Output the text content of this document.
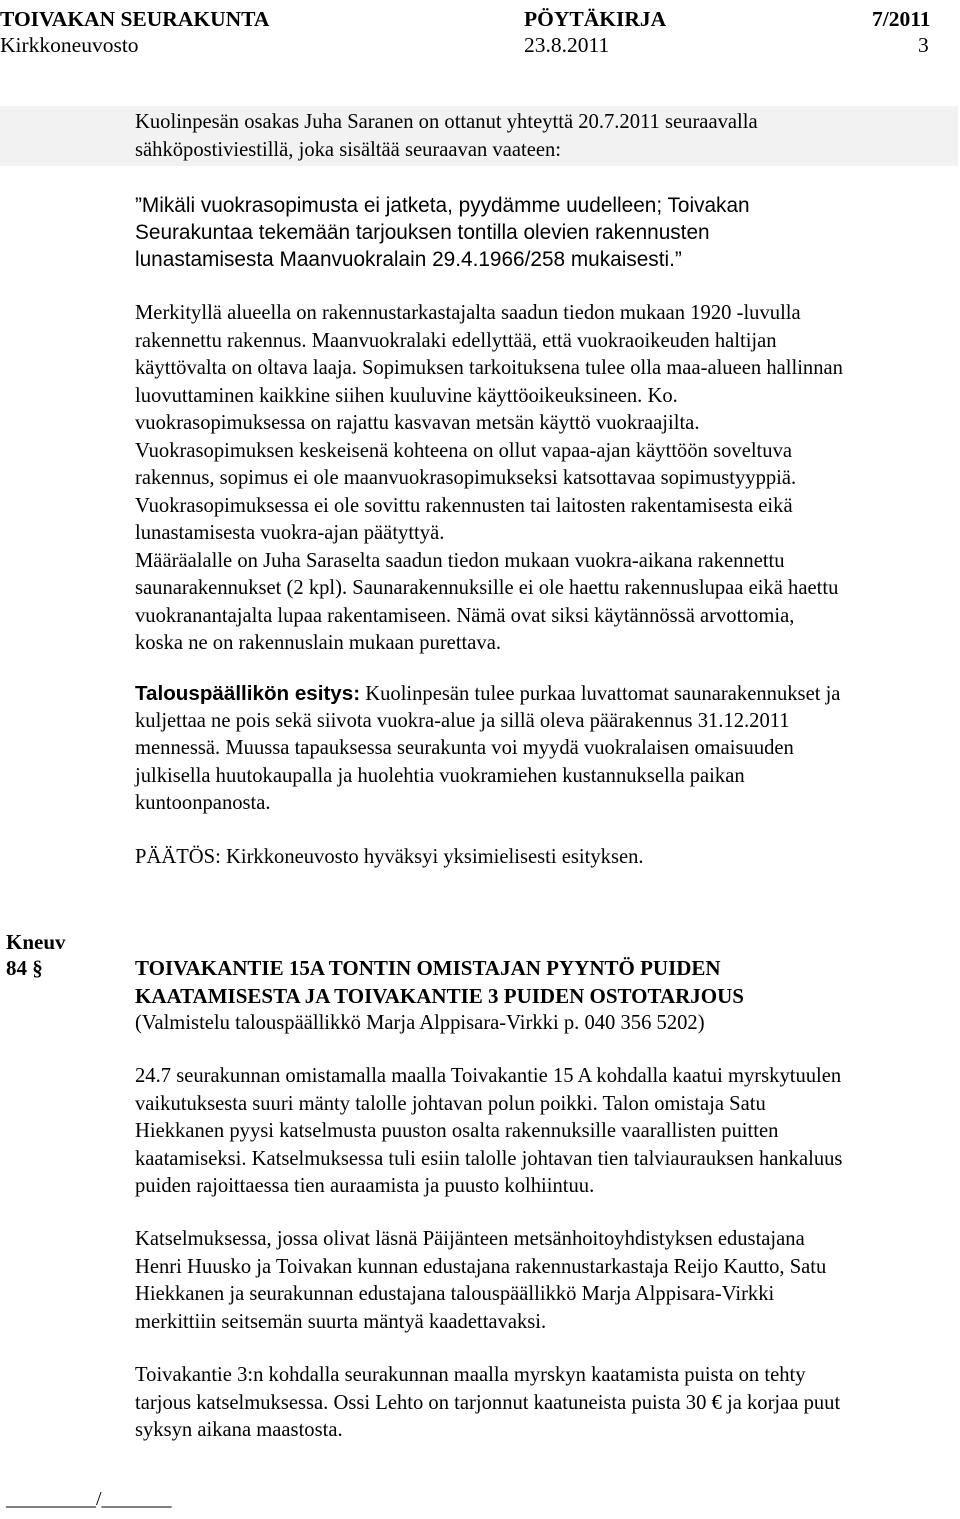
TOIVAKAN SEURAKUNTA	PÖYTÄKIRJA	7/2011
Kirkkoneuvosto	23.8.2011	3
Kuolinpesän osakas Juha Saranen on ottanut yhteyttä 20.7.2011 seuraavalla
sähköpostiviestillä, joka sisältää seuraavan vaateen:
”Mikäli vuokrasopimusta ei jatketa, pyydämme uudelleen; Toivakan
Seurakuntaa tekemään tarjouksen tontilla olevien rakennusten
lunastamisesta Maanvuokralain 29.4.1966/258 mukaisesti.”
Merkityllä alueella on rakennustarkastajalta saadun tiedon mukaan 1920 -luvulla
rakennettu rakennus. Maanvuokralaki edellyttää, että vuokraoikeuden haltijan
käyttövalta on oltava laaja. Sopimuksen tarkoituksena tulee olla maa-alueen hallinnan
luovuttaminen kaikkine siihen kuuluvine käyttöoikeuksineen. Ko.
vuokrasopimuksessa on rajattu kasvavan metsän käyttö vuokraajilta.
Vuokrasopimuksen keskeisenä kohteena on ollut vapaa-ajan käyttöön soveltuva
rakennus, sopimus ei ole maanvuokrasopimukseksi katsottavaa sopimustyyppiä.
Vuokrasopimuksessa ei ole sovittu rakennusten tai laitosten rakentamisesta eikä
lunastamisesta vuokra-ajan päätyttyä.
Määräalalle on Juha Saraselta saadun tiedon mukaan vuokra-aikana rakennettu
saunarakennukset (2 kpl). Saunarakennuksille ei ole haettu rakennuslupaa eikä haettu
vuokranantajalta lupaa rakentamiseen. Nämä ovat siksi käytännössä arvottomia,
koska ne on rakennuslain mukaan purettava.
Talouspäällikön esitys: Kuolinpesän tulee purkaa luvattomat saunarakennukset ja
kuljettaa ne pois sekä siivota vuokra-alue ja sillä oleva päärakennus 31.12.2011
mennessä. Muussa tapauksessa seurakunta voi myydä vuokralaisen omaisuuden
julkisella huutokaupalla ja huolehtia vuokramiehen kustannuksella paikan
kuntoonpanosta.
PÄÄTÖS: Kirkkoneuvosto hyväksyi yksimielisesti esityksen.
Kneuv
84 §	TOIVAKANTIE 15A TONTIN OMISTAJAN PYYNTÖ PUIDEN
KAATAMISESTA JA TOIVAKANTIE 3 PUIDEN OSTOTARJOUS
(Valmistelu talouspäällikkö Marja Alppisara-Virkki p. 040 356 5202)
24.7 seurakunnan omistamalla maalla Toivakantie 15 A kohdalla kaatui myrskytuulen
vaikutuksesta suuri mänty talolle johtavan polun poikki. Talon omistaja Satu
Hiekkanen pyysi katselmusta puuston osalta rakennuksille vaarallisten puitten
kaatamiseksi. Katselmuksessa tuli esiin talolle johtavan tien talviaurauksen hankaluus
puiden rajoittaessa tien auraamista ja puusto kolhiintuu.
Katselmuksessa, jossa olivat läsnä Päijänteen metsänhoitoyhdistyksen edustajana
Henri Huusko ja Toivakan kunnan edustajana rakennustarkastaja Reijo Kautto, Satu
Hiekkanen ja seurakunnan edustajana talouspäällikkö Marja Alppisara-Virkki
merkittiin seitsemän suurta mäntyä kaadettavaksi.
Toivakantie 3:n kohdalla seurakunnan maalla myrskyn kaatamista puista on tehty
tarjous katselmuksessa. Ossi Lehto on tarjonnut kaatuneista puista 30 € ja korjaa puut
syksyn aikana maastosta.
_________/_______
